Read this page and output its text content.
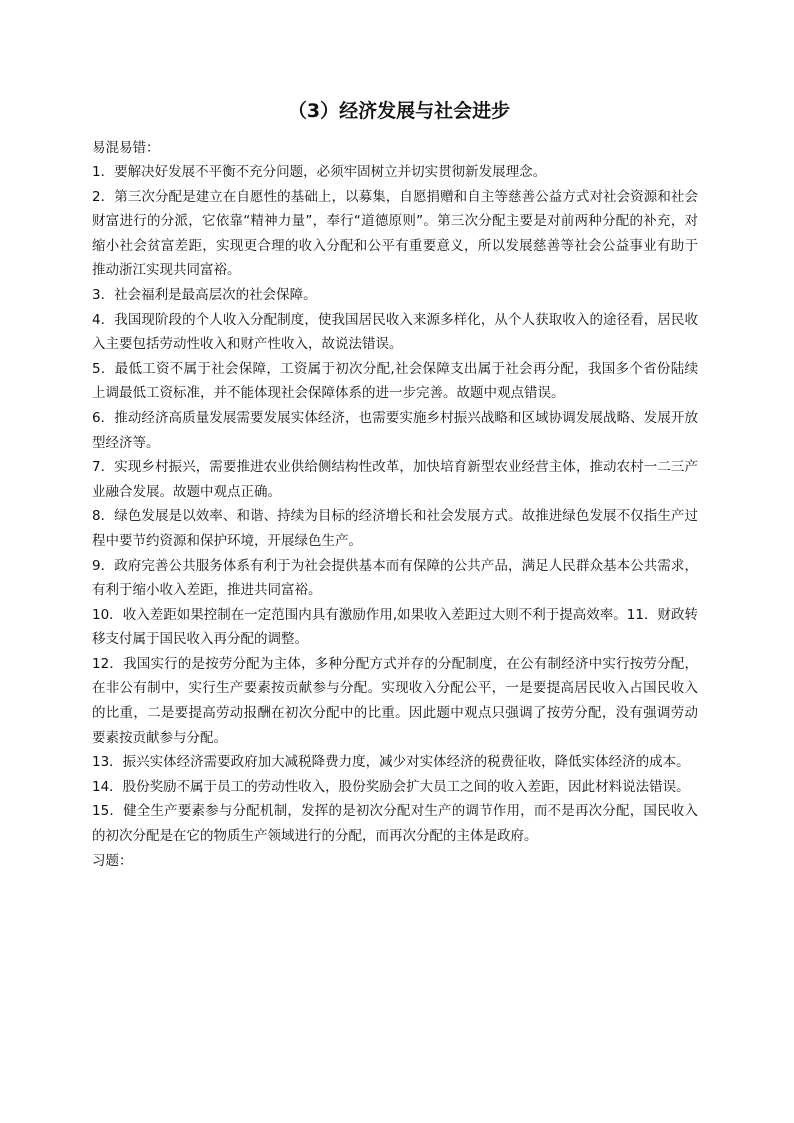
（3）经济发展与社会进步

易混易错：

1．要解决好发展不平衡不充分问题，必须牢固树立并切实贯彻新发展理念。

2．第三次分配是建立在自愿性的基础上，以募集，自愿捐赠和自主等慈善公益方式对社会资源和社会财富进行的分派，它依靠“精神力量”，奉行“道德原则”。第三次分配主要是对前两种分配的补充，对缩小社会贫富差距，实现更合理的收入分配和公平有重要意义，所以发展慈善等社会公益事业有助于推动浙江实现共同富裕。

3．社会福利是最高层次的社会保障。

4．我国现阶段的个人收入分配制度，使我国居民收入来源多样化，从个人获取收入的途径看，居民收入主要包括劳动性收入和财产性收入，故说法错误。

5．最低工资不属于社会保障，工资属于初次分配,社会保障支出属于社会再分配，我国多个省份陆续上调最低工资标准，并不能体现社会保障体系的进一步完善。故题中观点错误。

6．推动经济高质量发展需要发展实体经济，也需要实施乡村振兴战略和区域协调发展战略、发展开放型经济等。

7．实现乡村振兴，需要推进农业供给侧结构性改革，加快培育新型农业经营主体，推动农村一二三产业融合发展。故题中观点正确。

8．绿色发展是以效率、和谐、持续为目标的经济增长和社会发展方式。故推进绿色发展不仅指生产过程中要节约资源和保护环境，开展绿色生产。

9．政府完善公共服务体系有利于为社会提供基本而有保障的公共产品，满足人民群众基本公共需求，有利于缩小收入差距，推进共同富裕。

10．收入差距如果控制在一定范围内具有激励作用,如果收入差距过大则不利于提高效率。11．财政转移支付属于国民收入再分配的调整。

12．我国实行的是按劳分配为主体，多种分配方式并存的分配制度，在公有制经济中实行按劳分配，在非公有制中，实行生产要素按贡献参与分配。实现收入分配公平，一是要提高居民收入占国民收入的比重，二是要提高劳动报酬在初次分配中的比重。因此题中观点只强调了按劳分配，没有强调劳动要素按贡献参与分配。

13．振兴实体经济需要政府加大减税降费力度，减少对实体经济的税费征收，降低实体经济的成本。

14．股份奖励不属于员工的劳动性收入，股份奖励会扩大员工之间的收入差距，因此材料说法错误。

15．健全生产要素参与分配机制，发挥的是初次分配对生产的调节作用，而不是再次分配，国民收入的初次分配是在它的物质生产领域进行的分配，而再次分配的主体是政府。

习题：
